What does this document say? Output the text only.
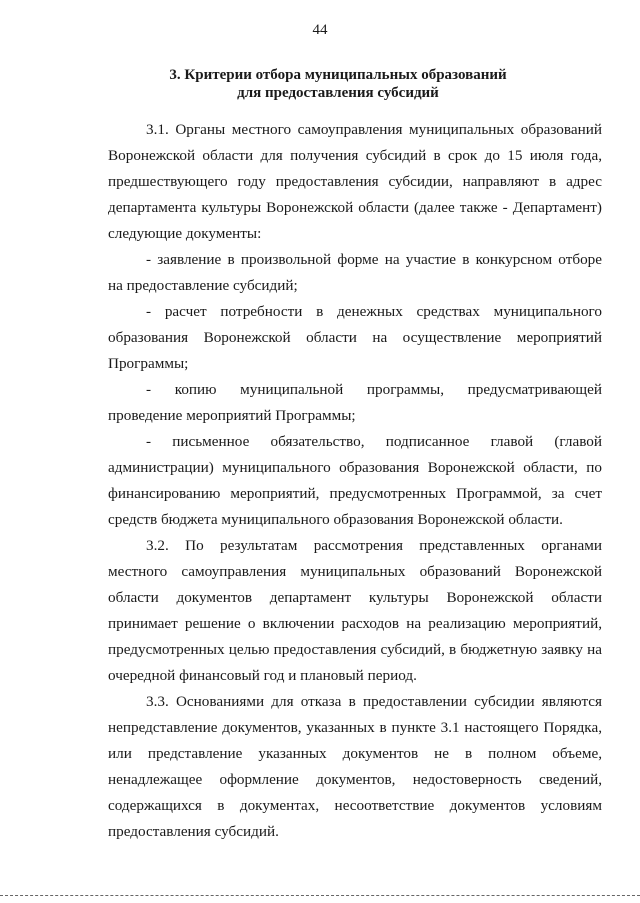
44
3. Критерии отбора муниципальных образований
для предоставления субсидий
3.1. Органы местного самоуправления муниципальных образований
Воронежской области для получения субсидий в срок до 15 июля года,
предшествующего году предоставления субсидии, направляют в адрес
департамента культуры Воронежской области (далее также - Департамент)
следующие документы:
- заявление в произвольной форме на участие в конкурсном отборе
на предоставление субсидий;
- расчет потребности в денежных средствах муниципального
образования Воронежской области на осуществление мероприятий
Программы;
- копию муниципальной программы, предусматривающей
проведение мероприятий Программы;
- письменное обязательство, подписанное главой (главой
администрации) муниципального образования Воронежской области, по
финансированию мероприятий, предусмотренных Программой, за счет
средств бюджета муниципального образования Воронежской области.
3.2. По результатам рассмотрения представленных органами
местного самоуправления муниципальных образований Воронежской
области документов департамент культуры Воронежской области
принимает решение о включении расходов на реализацию мероприятий,
предусмотренных целью предоставления субсидий, в бюджетную заявку на
очередной финансовый год и плановый период.
3.3. Основаниями для отказа в предоставлении субсидии являются
непредставление документов, указанных в пункте 3.1 настоящего Порядка,
или представление указанных документов не в полном объеме,
ненадлежащее оформление документов, недостоверность сведений,
содержащихся в документах, несоответствие документов условиям
предоставления субсидий.
